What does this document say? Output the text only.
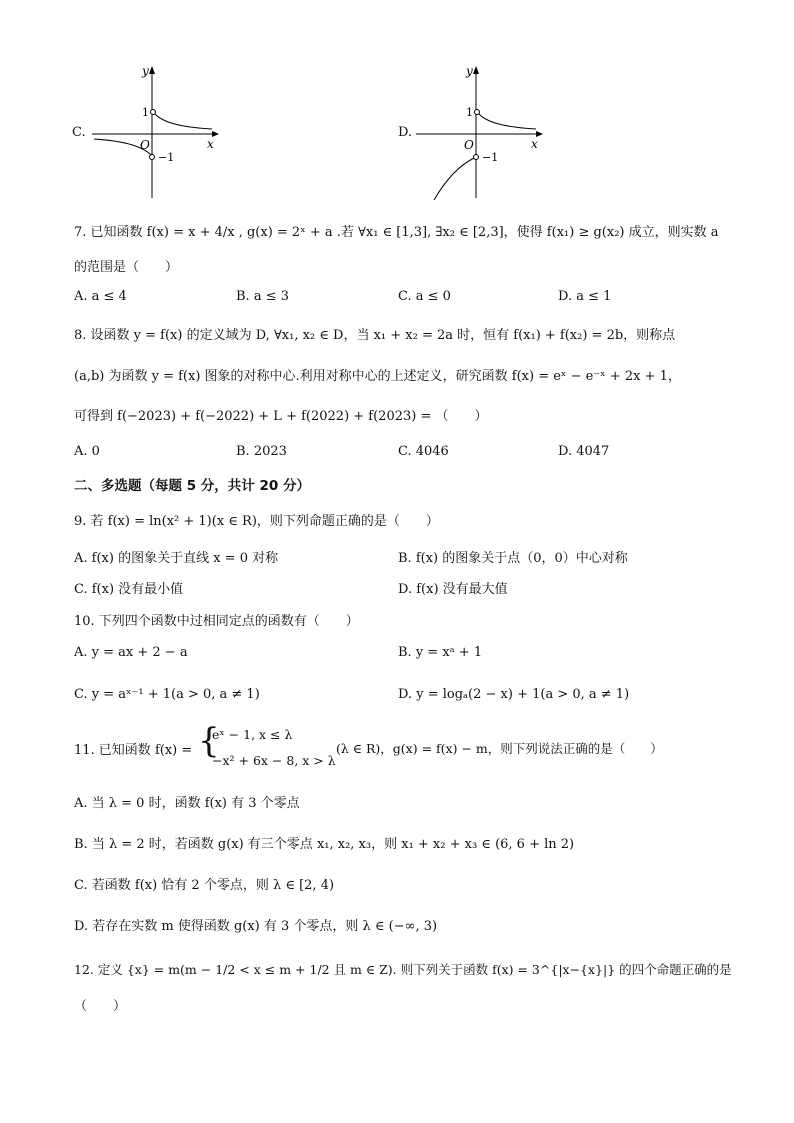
C.
y
x
O
1
−1
D.
y
x
O
1
−1
7. 已知函数 f(x) = x + 4/x , g(x) = 2ˣ + a .若 ∀x₁ ∈ [1,3], ∃x₂ ∈ [2,3]，使得 f(x₁) ≥ g(x₂) 成立，则实数 a
的范围是（　　）
A. a ≤ 4	B. a ≤ 3	C. a ≤ 0	D. a ≤ 1
8. 设函数 y = f(x) 的定义域为 D, ∀x₁, x₂ ∈ D，当 x₁ + x₂ = 2a 时，恒有 f(x₁) + f(x₂) = 2b，则称点
(a,b) 为函数 y = f(x) 图象的对称中心.利用对称中心的上述定义，研究函数 f(x) = eˣ − e⁻ˣ + 2x + 1，
可得到 f(−2023) + f(−2022) + L + f(2022) + f(2023) = （　　）
A. 0	B. 2023	C. 4046	D. 4047
二、多选题（每题 5 分，共计 20 分）
9. 若 f(x) = ln(x² + 1)(x ∈ R)，则下列命题正确的是（　　）
A. f(x) 的图象关于直线 x = 0 对称	B. f(x) 的图象关于点（0，0）中心对称
C. f(x) 没有最小值	D. f(x) 没有最大值
10. 下列四个函数中过相同定点的函数有（　　）
A. y = ax + 2 − a	B. y = xᵃ + 1
C. y = aˣ⁻¹ + 1(a > 0, a ≠ 1)	D. y = logₐ(2 − x) + 1(a > 0, a ≠ 1)
11. 已知函数 f(x) = {
eˣ − 1, x ≤ λ
−x² + 6x − 8, x > λ
(λ ∈ R)，g(x) = f(x) − m，则下列说法正确的是（　　）
A. 当 λ = 0 时，函数 f(x) 有 3 个零点
B. 当 λ = 2 时，若函数 g(x) 有三个零点 x₁, x₂, x₃，则 x₁ + x₂ + x₃ ∈ (6, 6 + ln 2)
C. 若函数 f(x) 恰有 2 个零点，则 λ ∈ [2, 4)
D. 若存在实数 m 使得函数 g(x) 有 3 个零点，则 λ ∈ (−∞, 3)
12. 定义 {x} = m(m − 1/2 < x ≤ m + 1/2 且 m ∈ Z). 则下列关于函数 f(x) = 3^{|x−{x}|} 的四个命题正确的是
（　　）
